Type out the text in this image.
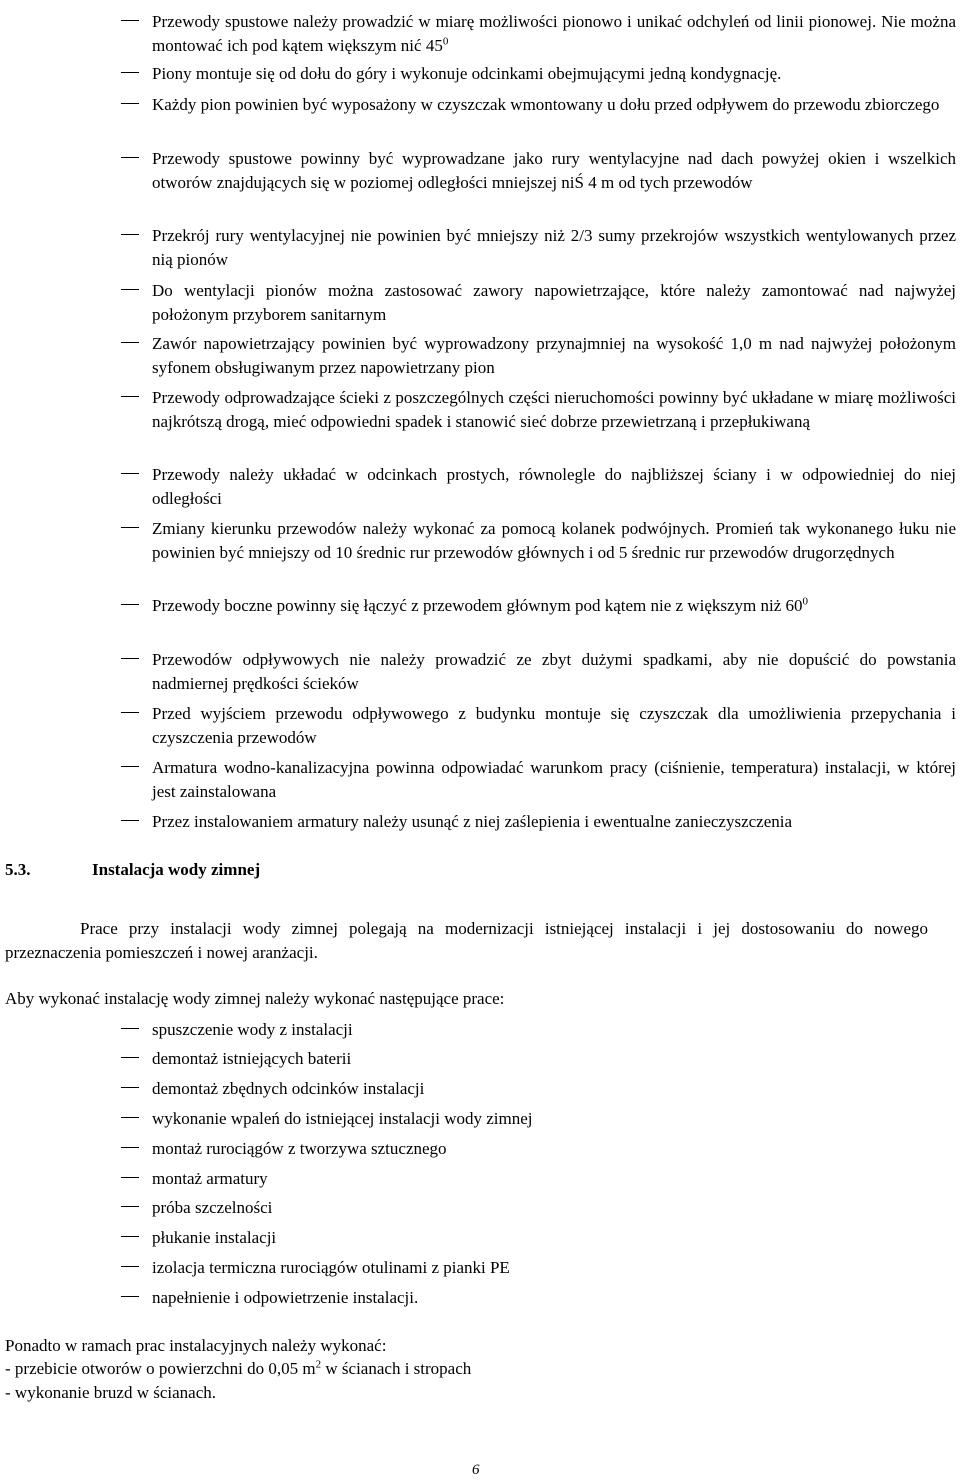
Przewody spustowe należy prowadzić w miarę możliwości pionowo i unikać odchyleń od linii pionowej. Nie można montować ich pod kątem większym nić $45^0$
Piony montuje się od dołu do góry i wykonuje odcinkami obejmującymi jedną kondygnację.
Każdy pion powinien być wyposażony w czyszczak wmontowany u dołu przed odpływem do przewodu zbiorczego
Przewody spustowe powinny być wyprowadzane jako rury wentylacyjne nad dach powyżej okien i wszelkich otworów znajdujących się w poziomej odległości mniejszej niŚ 4 m od tych przewodów
Przekrój rury wentylacyjnej nie powinien być mniejszy niż 2/3 sumy przekrojów wszystkich wentylowanych przez nią pionów
Do wentylacji pionów można zastosować zawory napowietrzające, które należy zamontować nad najwyżej położonym przyborem sanitarnym
Zawór napowietrzający powinien być wyprowadzony przynajmniej na wysokość 1,0 m nad najwyżej położonym syfonem obsługiwanym przez napowietrzany pion
Przewody odprowadzające ścieki z poszczególnych części nieruchomości powinny być układane w miarę możliwości najkrótszą drogą, mieć odpowiedni spadek i stanowić sieć dobrze przewietrzaną i przepłukiwaną
Przewody należy układać w odcinkach prostych, równolegle do najbliższej ściany i w odpowiedniej do niej odległości
Zmiany kierunku przewodów należy wykonać za pomocą kolanek podwójnych. Promień tak wykonanego łuku nie powinien być mniejszy od 10 średnic rur przewodów głównych i od 5 średnic rur przewodów drugorzędnych
Przewody boczne powinny się łączyć z przewodem głównym pod kątem nie z większym niż $60^0$
Przewodów odpływowych nie należy prowadzić ze zbyt dużymi spadkami, aby nie dopuścić do powstania nadmiernej prędkości ścieków
Przed wyjściem przewodu odpływowego z budynku montuje się czyszczak dla umożliwienia przepychania i czyszczenia przewodów
Armatura wodno-kanalizacyjna powinna odpowiadać warunkom pracy (ciśnienie, temperatura) instalacji, w której jest zainstalowana
Przez instalowaniem armatury należy usunąć z niej zaślepienia i ewentualne zanieczyszczenia
5.3.	Instalacja wody zimnej
Prace przy instalacji wody zimnej polegają na modernizacji istniejącej instalacji i jej dostosowaniu do nowego przeznaczenia pomieszczeń i nowej aranżacji.
Aby wykonać instalację wody zimnej należy wykonać następujące prace:
spuszczenie wody z instalacji
demontaż istniejących baterii
demontaż zbędnych odcinków instalacji
wykonanie wpaleń do istniejącej instalacji wody zimnej
montaż rurociągów z tworzywa sztucznego
montaż armatury
próba szczelności
płukanie instalacji
izolacja termiczna rurociągów otulinami z pianki PE
napełnienie i odpowietrzenie instalacji.
Ponadto w ramach prac instalacyjnych należy wykonać:
- przebicie otworów o powierzchni do 0,05 $m^2$ w ścianach i stropach
- wykonanie bruzd w ścianach.
6
